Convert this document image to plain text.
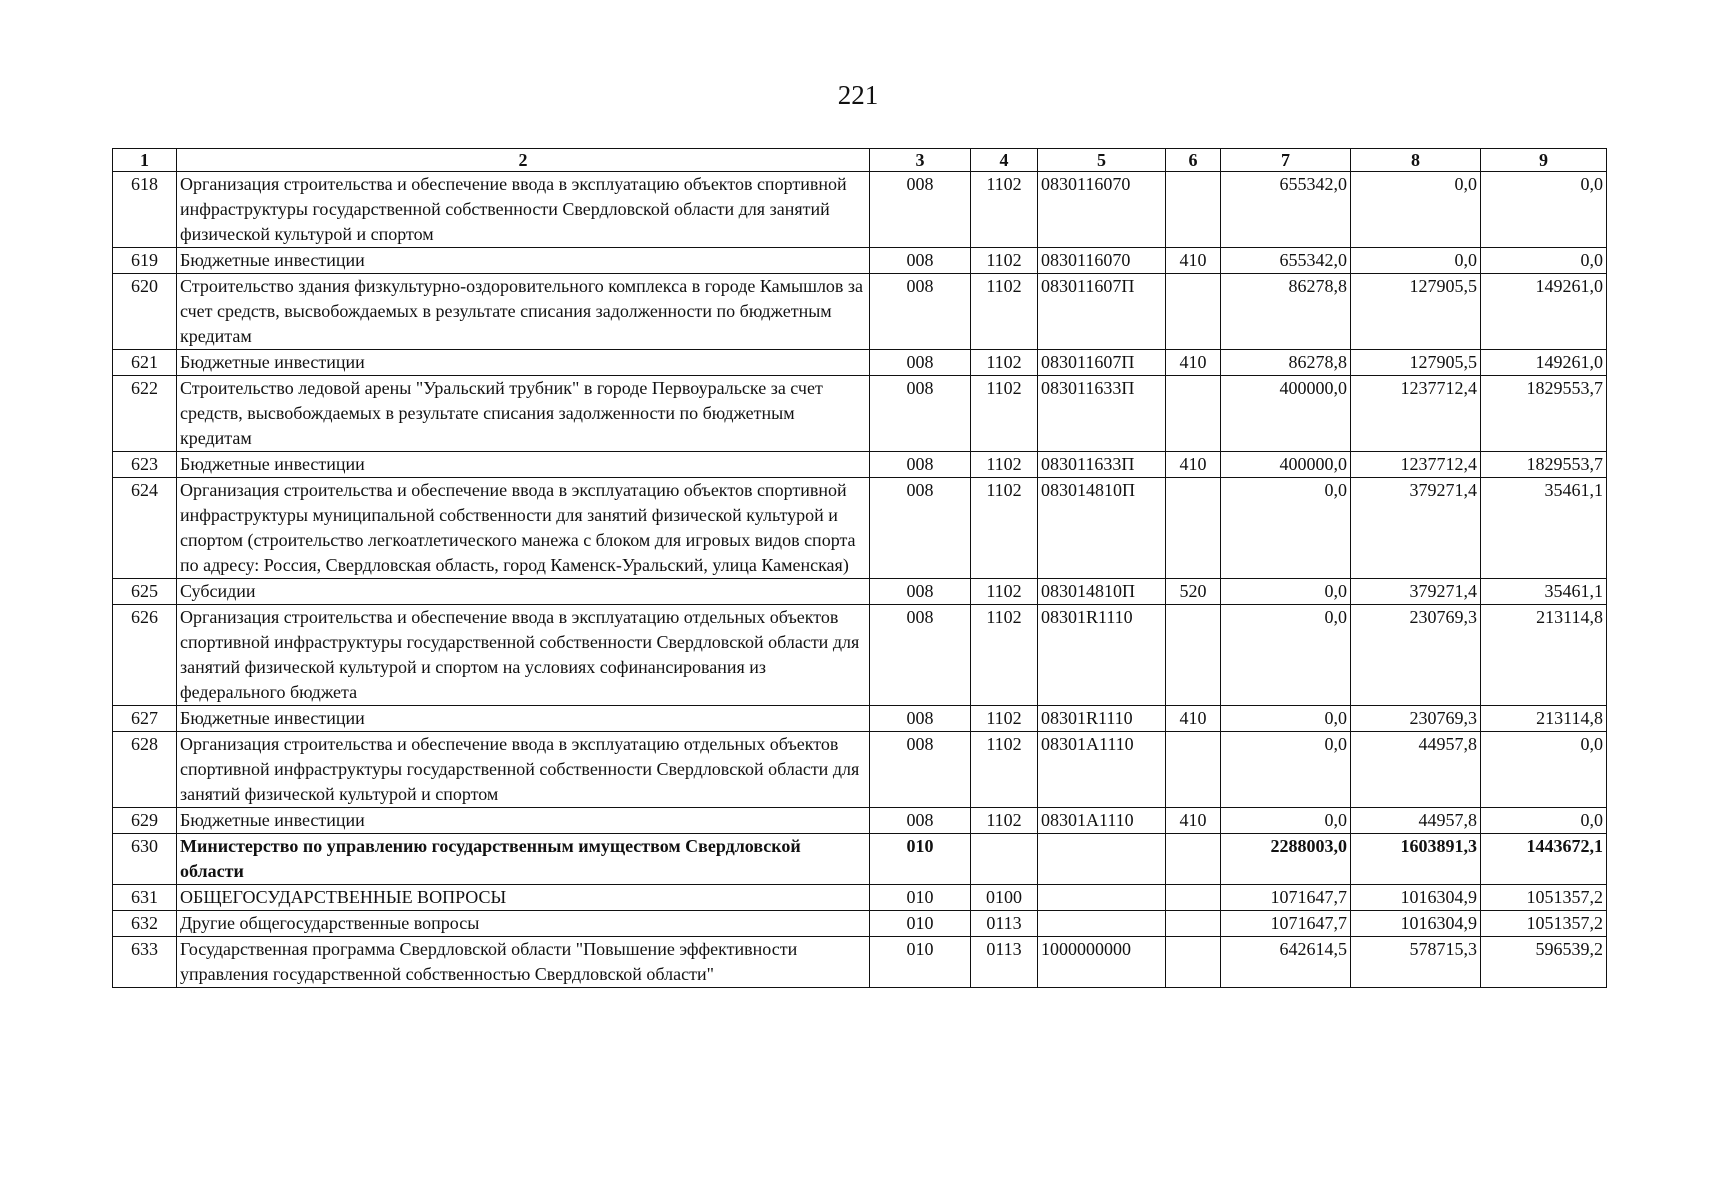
221
1	2	3	4	5	6	7	8	9
618	Организация строительства и обеспечение ввода в эксплуатацию объектов спортивной инфраструктуры государственной собственности Свердловской области для занятий физической культурой и спортом	008	1102	0830116070		655342,0	0,0	0,0
619	Бюджетные инвестиции	008	1102	0830116070	410	655342,0	0,0	0,0
620	Строительство здания физкультурно-оздоровительного комплекса в городе Камышлов за счет средств, высвобождаемых в результате списания задолженности по бюджетным кредитам	008	1102	083011607П		86278,8	127905,5	149261,0
621	Бюджетные инвестиции	008	1102	083011607П	410	86278,8	127905,5	149261,0
622	Строительство ледовой арены "Уральский трубник" в городе Первоуральске за счет средств, высвобождаемых в результате списания задолженности по бюджетным кредитам	008	1102	083011633П		400000,0	1237712,4	1829553,7
623	Бюджетные инвестиции	008	1102	083011633П	410	400000,0	1237712,4	1829553,7
624	Организация строительства и обеспечение ввода в эксплуатацию объектов спортивной инфраструктуры муниципальной собственности для занятий физической культурой и спортом (строительство легкоатлетического манежа с блоком для игровых видов спорта по адресу: Россия, Свердловская область, город Каменск-Уральский, улица Каменская)	008	1102	083014810П		0,0	379271,4	35461,1
625	Субсидии	008	1102	083014810П	520	0,0	379271,4	35461,1
626	Организация строительства и обеспечение ввода в эксплуатацию отдельных объектов спортивной инфраструктуры государственной собственности Свердловской области для занятий физической культурой и спортом на условиях софинансирования из федерального бюджета	008	1102	08301R1110		0,0	230769,3	213114,8
627	Бюджетные инвестиции	008	1102	08301R1110	410	0,0	230769,3	213114,8
628	Организация строительства и обеспечение ввода в эксплуатацию отдельных объектов спортивной инфраструктуры государственной собственности Свердловской области для занятий физической культурой и спортом	008	1102	08301A1110		0,0	44957,8	0,0
629	Бюджетные инвестиции	008	1102	08301A1110	410	0,0	44957,8	0,0
630	Министерство по управлению государственным имуществом Свердловской области	010				2288003,0	1603891,3	1443672,1
631	ОБЩЕГОСУДАРСТВЕННЫЕ ВОПРОСЫ	010	0100			1071647,7	1016304,9	1051357,2
632	Другие общегосударственные вопросы	010	0113			1071647,7	1016304,9	1051357,2
633	Государственная программа Свердловской области "Повышение эффективности управления государственной собственностью Свердловской области"	010	0113	1000000000		642614,5	578715,3	596539,2
